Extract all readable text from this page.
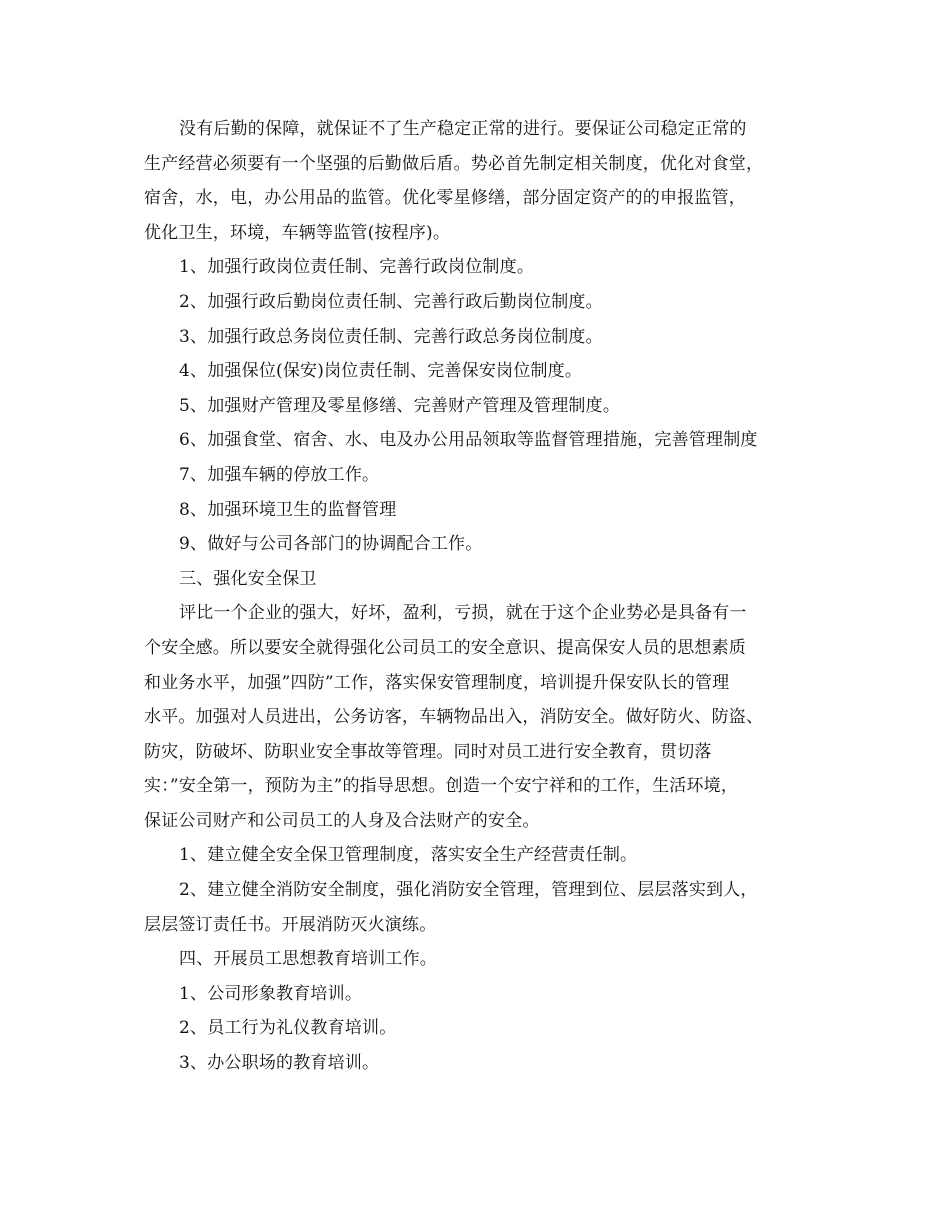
没有后勤的保障，就保证不了生产稳定正常的进行。要保证公司稳定正常的
生产经营必须要有一个坚强的后勤做后盾。势必首先制定相关制度，优化对食堂，
宿舍，水，电，办公用品的监管。优化零星修缮，部分固定资产的的申报监管，
优化卫生，环境，车辆等监管(按程序)。
1、加强行政岗位责任制、完善行政岗位制度。
2、加强行政后勤岗位责任制、完善行政后勤岗位制度。
3、加强行政总务岗位责任制、完善行政总务岗位制度。
4、加强保位(保安)岗位责任制、完善保安岗位制度。
5、加强财产管理及零星修缮、完善财产管理及管理制度。
6、加强食堂、宿舍、水、电及办公用品领取等监督管理措施，完善管理制度
7、加强车辆的停放工作。
8、加强环境卫生的监督管理
9、做好与公司各部门的协调配合工作。
三、强化安全保卫
评比一个企业的强大，好坏，盈利，亏损，就在于这个企业势必是具备有一
个安全感。所以要安全就得强化公司员工的安全意识、提高保安人员的思想素质
和业务水平，加强”四防”工作，落实保安管理制度，培训提升保安队长的管理
水平。加强对人员进出，公务访客，车辆物品出入，消防安全。做好防火、防盗、
防灾，防破坏、防职业安全事故等管理。同时对员工进行安全教育，贯切落
实：”安全第一，预防为主”的指导思想。创造一个安宁祥和的工作，生活环境，
保证公司财产和公司员工的人身及合法财产的安全。
1、建立健全安全保卫管理制度，落实安全生产经营责任制。
2、建立健全消防安全制度，强化消防安全管理，管理到位、层层落实到人，
层层签订责任书。开展消防灭火演练。
四、开展员工思想教育培训工作。
1、公司形象教育培训。
2、员工行为礼仪教育培训。
3、办公职场的教育培训。
